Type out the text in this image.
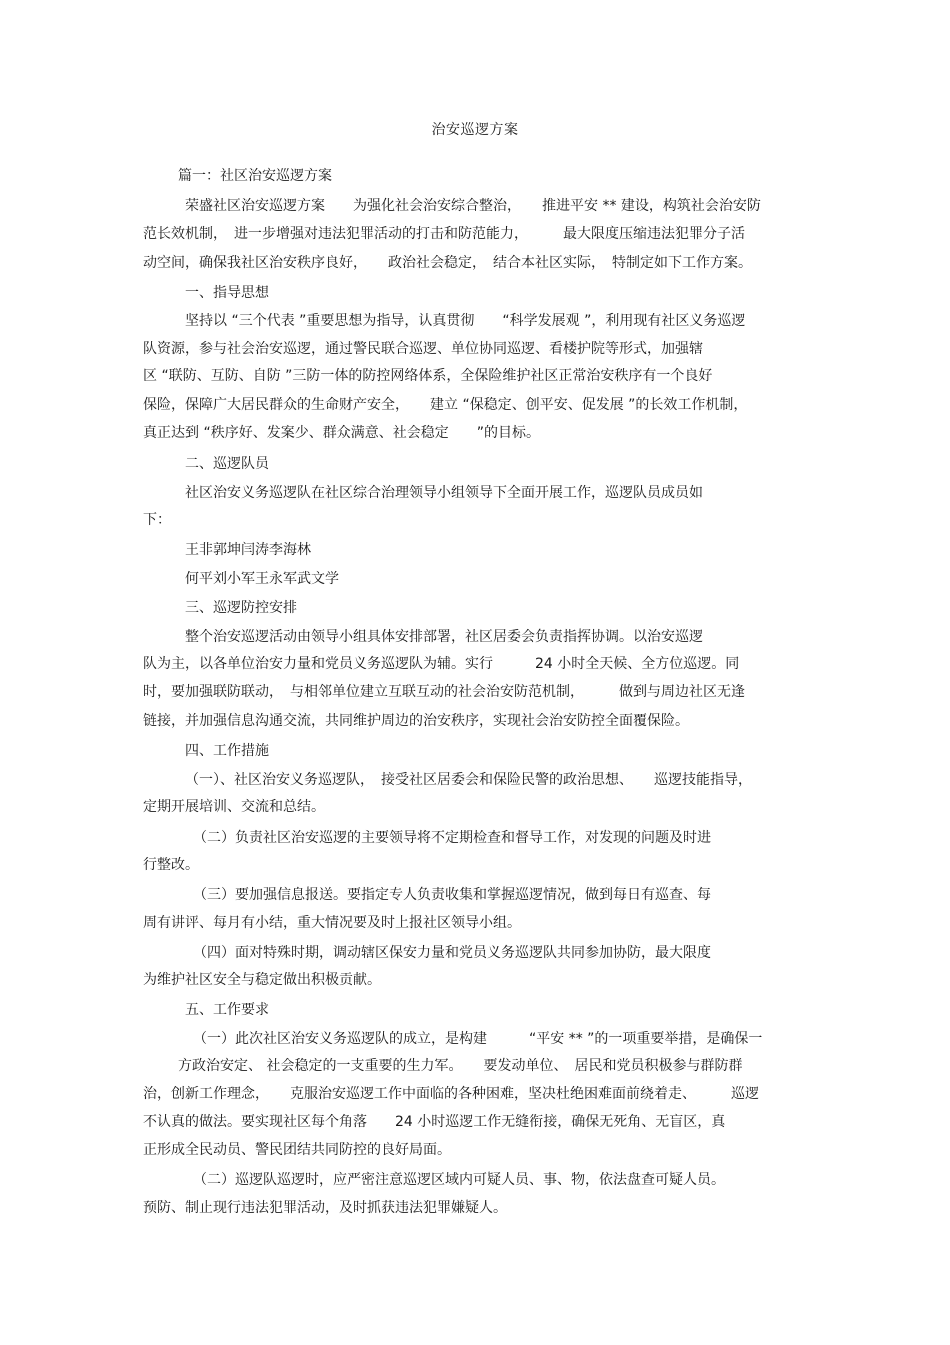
治安巡逻方案
篇一：社区治安巡逻方案
荣盛社区治安巡逻方案　　为强化社会治安综合整治，　　推进平安 ** 建设，构筑社会治安防
范长效机制，　进一步增强对违法犯罪活动的打击和防范能力，　　　最大限度压缩违法犯罪分子活
动空间，确保我社区治安秩序良好，　　政治社会稳定，　结合本社区实际，　特制定如下工作方案。
一、指导思想
坚持以 “三个代表 ”重要思想为指导，认真贯彻　　“科学发展观 ”，利用现有社区义务巡逻
队资源，参与社会治安巡逻，通过警民联合巡逻、单位协同巡逻、看楼护院等形式，加强辖
区 “联防、互防、自防 ”三防一体的防控网络体系，全保险维护社区正常治安秩序有一个良好
保险，保障广大居民群众的生命财产安全，　　建立 “保稳定、创平安、促发展 ”的长效工作机制，
真正达到 “秩序好、发案少、群众满意、社会稳定　　”的目标。
二、巡逻队员
社区治安义务巡逻队在社区综合治理领导小组领导下全面开展工作，巡逻队员成员如
下：
王非郭坤闫涛李海林
何平刘小军王永军武文学
三、巡逻防控安排
整个治安巡逻活动由领导小组具体安排部署，社区居委会负责指挥协调。以治安巡逻
队为主，以各单位治安力量和党员义务巡逻队为辅。实行　　　24 小时全天候、全方位巡逻。同
时，要加强联防联动，　与相邻单位建立互联互动的社会治安防范机制，　　　做到与周边社区无逢
链接，并加强信息沟通交流，共同维护周边的治安秩序，实现社会治安防控全面覆保险。
四、工作措施
（一）、社区治安义务巡逻队，　接受社区居委会和保险民警的政治思想、　　巡逻技能指导，
定期开展培训、交流和总结。
（二）负责社区治安巡逻的主要领导将不定期检查和督导工作，对发现的问题及时进
行整改。
（三）要加强信息报送。要指定专人负责收集和掌握巡逻情况，做到每日有巡查、每
周有讲评、每月有小结，重大情况要及时上报社区领导小组。
（四）面对特殊时期，调动辖区保安力量和党员义务巡逻队共同参加协防，最大限度
为维护社区安全与稳定做出积极贡献。
五、工作要求
（一）此次社区治安义务巡逻队的成立，是构建　　　“平安 ** ”的一项重要举措，是确保一
方政治安定、 社会稳定的一支重要的生力军。　　要发动单位、　居民和党员积极参与群防群
治，创新工作理念，　　克服治安巡逻工作中面临的各种困难，坚决杜绝困难面前绕着走、　　　巡逻
不认真的做法。要实现社区每个角落　　24 小时巡逻工作无缝衔接，确保无死角、无盲区，真
正形成全民动员、警民团结共同防控的良好局面。
（二）巡逻队巡逻时，应严密注意巡逻区域内可疑人员、事、物，依法盘查可疑人员。
预防、制止现行违法犯罪活动，及时抓获违法犯罪嫌疑人。
